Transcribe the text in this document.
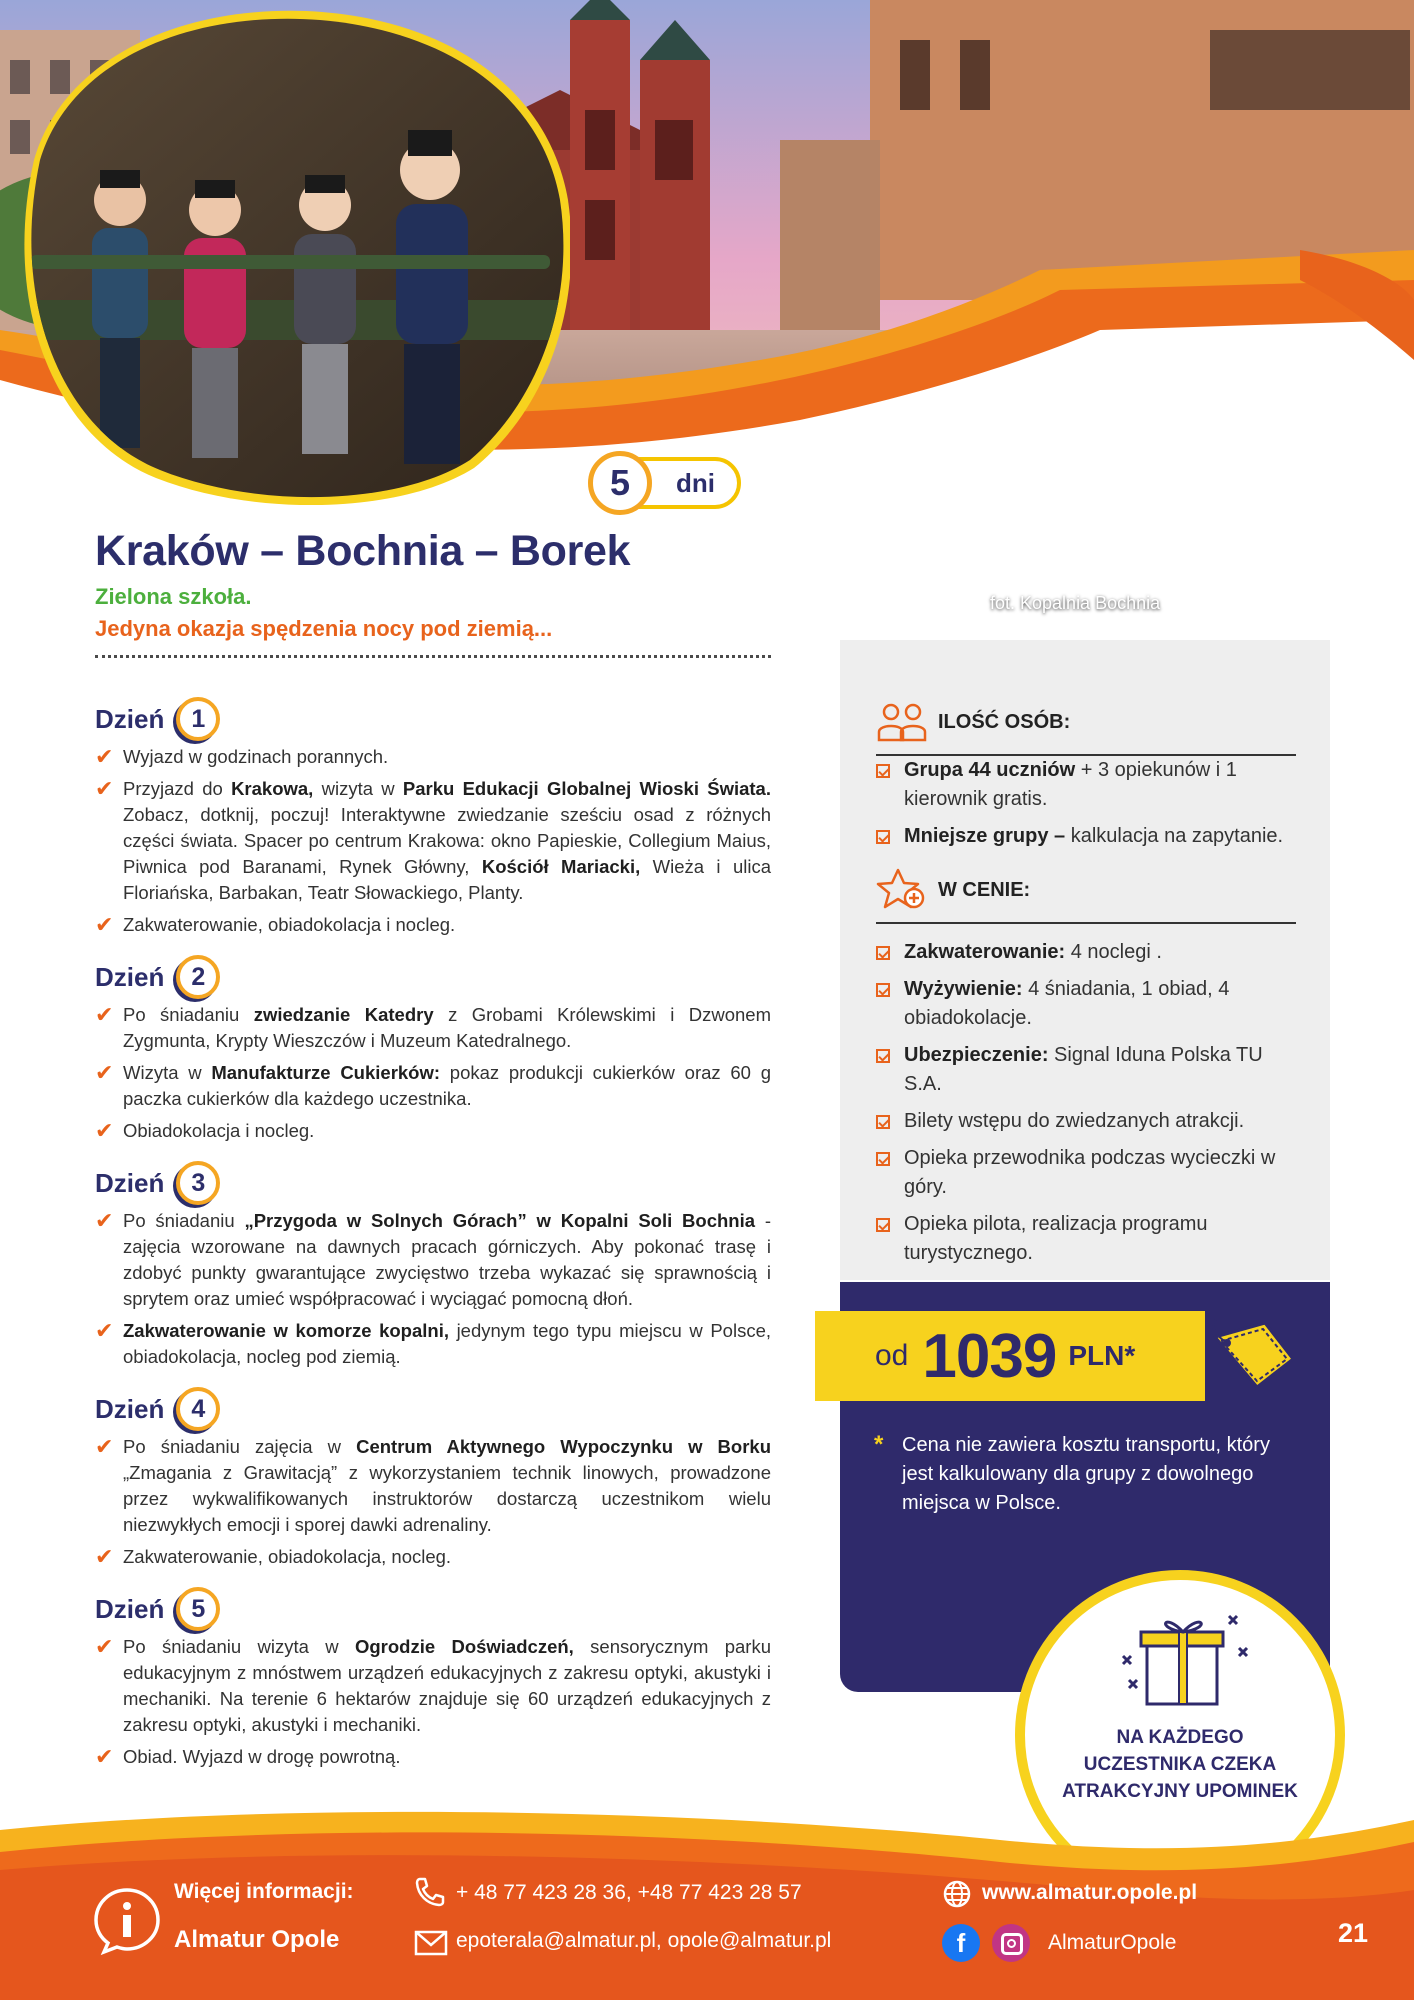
5	dni
fot. Kopalnia Bochnia
Kraków – Bochnia – Borek
Zielona szkoła.
Jedyna okazja spędzenia nocy pod ziemią...
Dzień	1
✔ Wyjazd w godzinach porannych.
✔ Przyjazd do Krakowa, wizyta w Parku Edukacji Globalnej Wioski Świata. Zobacz, dotknij, poczuj! Interaktywne zwiedzanie sześciu osad z różnych części świata. Spacer po centrum Krakowa: okno Papieskie, Collegium Maius, Piwnica pod Baranami, Rynek Główny, Kościół Mariacki, Wieża i ulica Floriańska, Barbakan, Teatr Słowackiego, Planty.
✔ Zakwaterowanie, obiadokolacja i nocleg.
Dzień	2
✔ Po śniadaniu zwiedzanie Katedry z Grobami Królewskimi i Dzwonem Zygmunta, Krypty Wieszczów i Muzeum Katedralnego.
✔ Wizyta w Manufakturze Cukierków: pokaz produkcji cukierków oraz 60 g paczka cukierków dla każdego uczestnika.
✔ Obiadokolacja i nocleg.
Dzień	3
✔ Po śniadaniu „Przygoda w Solnych Górach” w Kopalni Soli Bochnia - zajęcia wzorowane na dawnych pracach górniczych. Aby pokonać trasę i zdobyć punkty gwarantujące zwycięstwo trzeba wykazać się sprawnością i sprytem oraz umieć współpracować i wyciągać pomocną dłoń.
✔ Zakwaterowanie w komorze kopalni, jedynym tego typu miejscu w Polsce, obiadokolacja, nocleg pod ziemią.
Dzień	4
✔ Po śniadaniu zajęcia w Centrum Aktywnego Wypoczynku w Borku „Zmagania z Grawitacją” z wykorzystaniem technik linowych, prowadzone przez wykwalifikowanych instruktorów dostarczą uczestnikom wielu niezwykłych emocji i sporej dawki adrenaliny.
✔ Zakwaterowanie, obiadokolacja, nocleg.
Dzień	5
✔ Po śniadaniu wizyta w Ogrodzie Doświadczeń, sensorycznym parku edukacyjnym z mnóstwem urządzeń edukacyjnych z zakresu optyki, akustyki i mechaniki. Na terenie 6 hektarów znajduje się 60 urządzeń edukacyjnych z zakresu optyki, akustyki i mechaniki.
✔ Obiad. Wyjazd w drogę powrotną.
ILOŚĆ OSÓB:
Grupa 44 uczniów + 3 opiekunów i 1 kierownik gratis.
Mniejsze grupy – kalkulacja na zapytanie.
W CENIE:
Zakwaterowanie: 4 noclegi .
Wyżywienie: 4 śniadania, 1 obiad, 4 obiadokolacje.
Ubezpieczenie: Signal Iduna Polska TU S.A.
Bilety wstępu do zwiedzanych atrakcji.
Opieka przewodnika podczas wycieczki w góry.
Opieka pilota, realizacja programu turystycznego.
od 1039 PLN*
* Cena nie zawiera kosztu transportu, który jest kalkulowany dla grupy z dowolnego miejsca w Polsce.

NA KAŻDEGO UCZESTNIKA CZEKA ATRAKCYJNY UPOMINEK
Więcej informacji:
Almatur Opole
+ 48 77 423 28 36, +48 77 423 28 57
epoterala@almatur.pl, opole@almatur.pl
www.almatur.opole.pl
f	AlmaturOpole	21
